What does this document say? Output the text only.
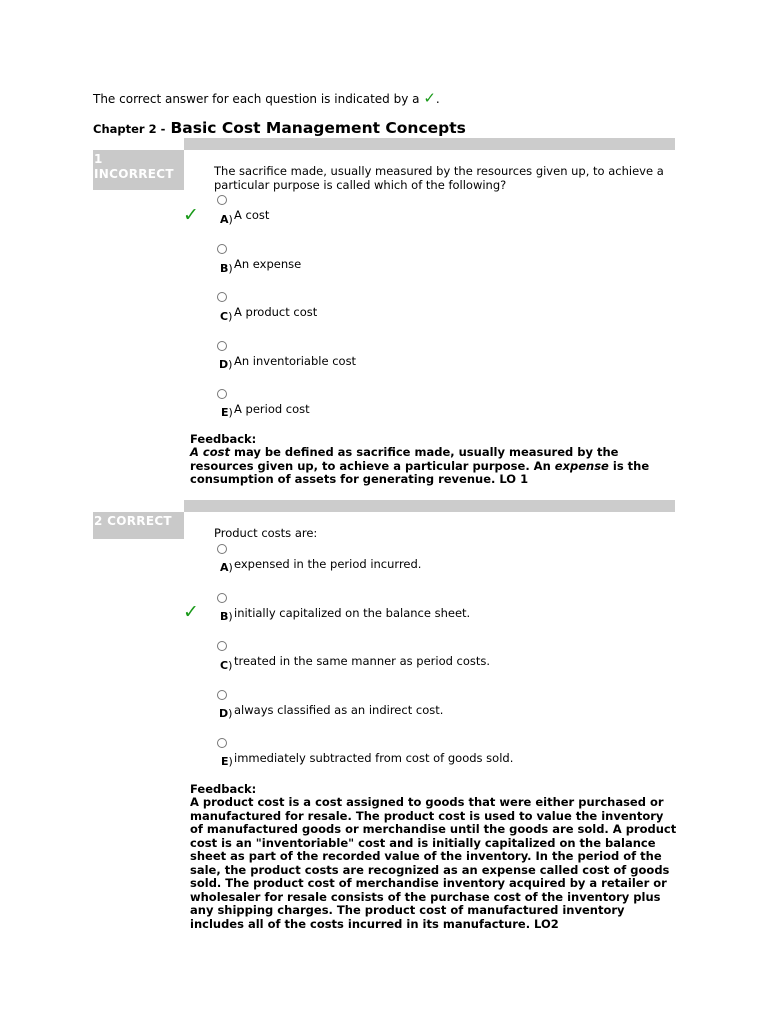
The correct answer for each question is indicated by a ✓.
Chapter 2 - Basic Cost Management Concepts
1
INCORRECT	The sacrifice made, usually measured by the resources given up, to achieve a particular purpose is called which of the following?
✓ A) A cost
B) An expense
C) A product cost
D) An inventoriable cost
E) A period cost
Feedback:
A cost may be defined as sacrifice made, usually measured by the resources given up, to achieve a particular purpose. An expense is the consumption of assets for generating revenue. LO 1
2 CORRECT
Product costs are:
A) expensed in the period incurred.
✓ B) initially capitalized on the balance sheet.
C) treated in the same manner as period costs.
D) always classified as an indirect cost.
E) immediately subtracted from cost of goods sold.
Feedback:
A product cost is a cost assigned to goods that were either purchased or manufactured for resale. The product cost is used to value the inventory of manufactured goods or merchandise until the goods are sold. A product cost is an "inventoriable" cost and is initially capitalized on the balance sheet as part of the recorded value of the inventory. In the period of the sale, the product costs are recognized as an expense called cost of goods sold. The product cost of merchandise inventory acquired by a retailer or wholesaler for resale consists of the purchase cost of the inventory plus any shipping charges. The product cost of manufactured inventory includes all of the costs incurred in its manufacture. LO2
